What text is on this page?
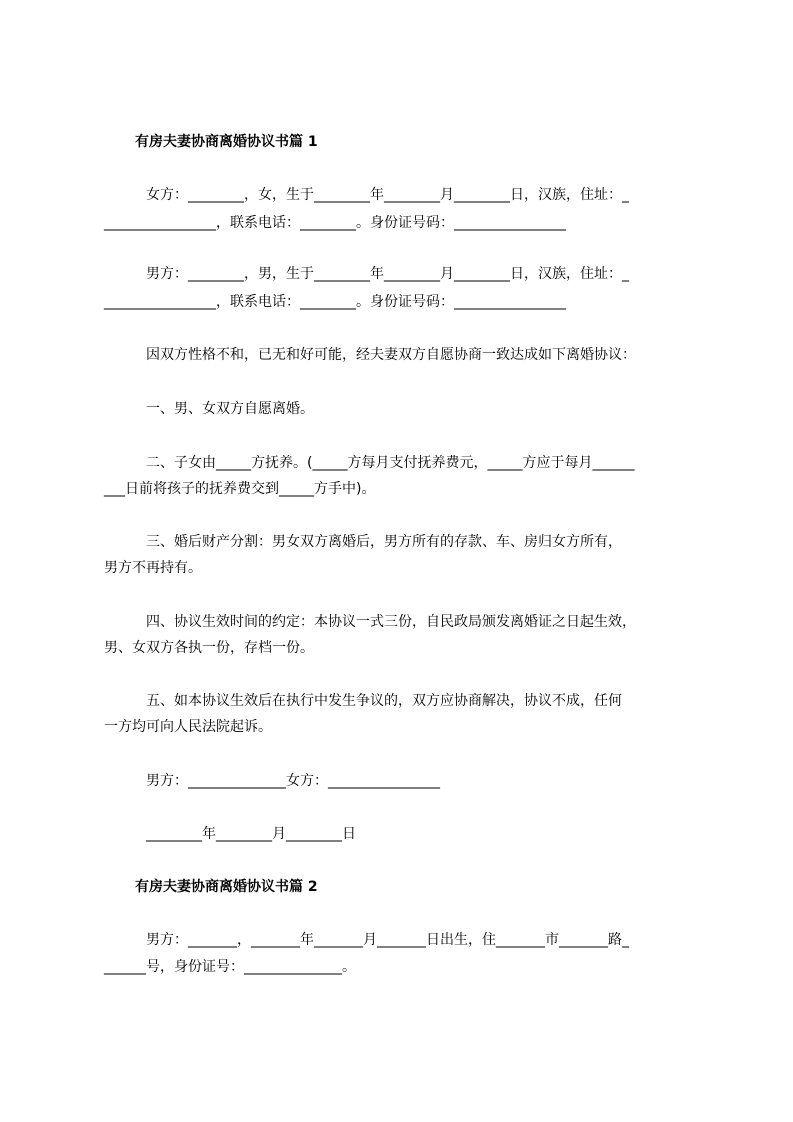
有房夫妻协商离婚协议书篇 1
女方：________，女，生于________年________月________日，汉族，住址：_
________________，联系电话：________。身份证号码：________________
男方：________，男，生于________年________月________日，汉族，住址：_
________________，联系电话：________。身份证号码：________________
因双方性格不和，已无和好可能，经夫妻双方自愿协商一致达成如下离婚协议：
一、男、女双方自愿离婚。
二、子女由_____方抚养。(_____方每月支付抚养费元，_____方应于每月______
___日前将孩子的抚养费交到_____方手中)。
三、婚后财产分割：男女双方离婚后，男方所有的存款、车、房归女方所有，
男方不再持有。
四、协议生效时间的约定：本协议一式三份，自民政局颁发离婚证之日起生效，
男、女双方各执一份，存档一份。
五、如本协议生效后在执行中发生争议的，双方应协商解决，协议不成，任何
一方均可向人民法院起诉。
男方：______________女方：________________
________年________月________日
有房夫妻协商离婚协议书篇 2
男方：_______，_______年_______月_______日出生，住_______市_______路_
______号，身份证号：______________。
